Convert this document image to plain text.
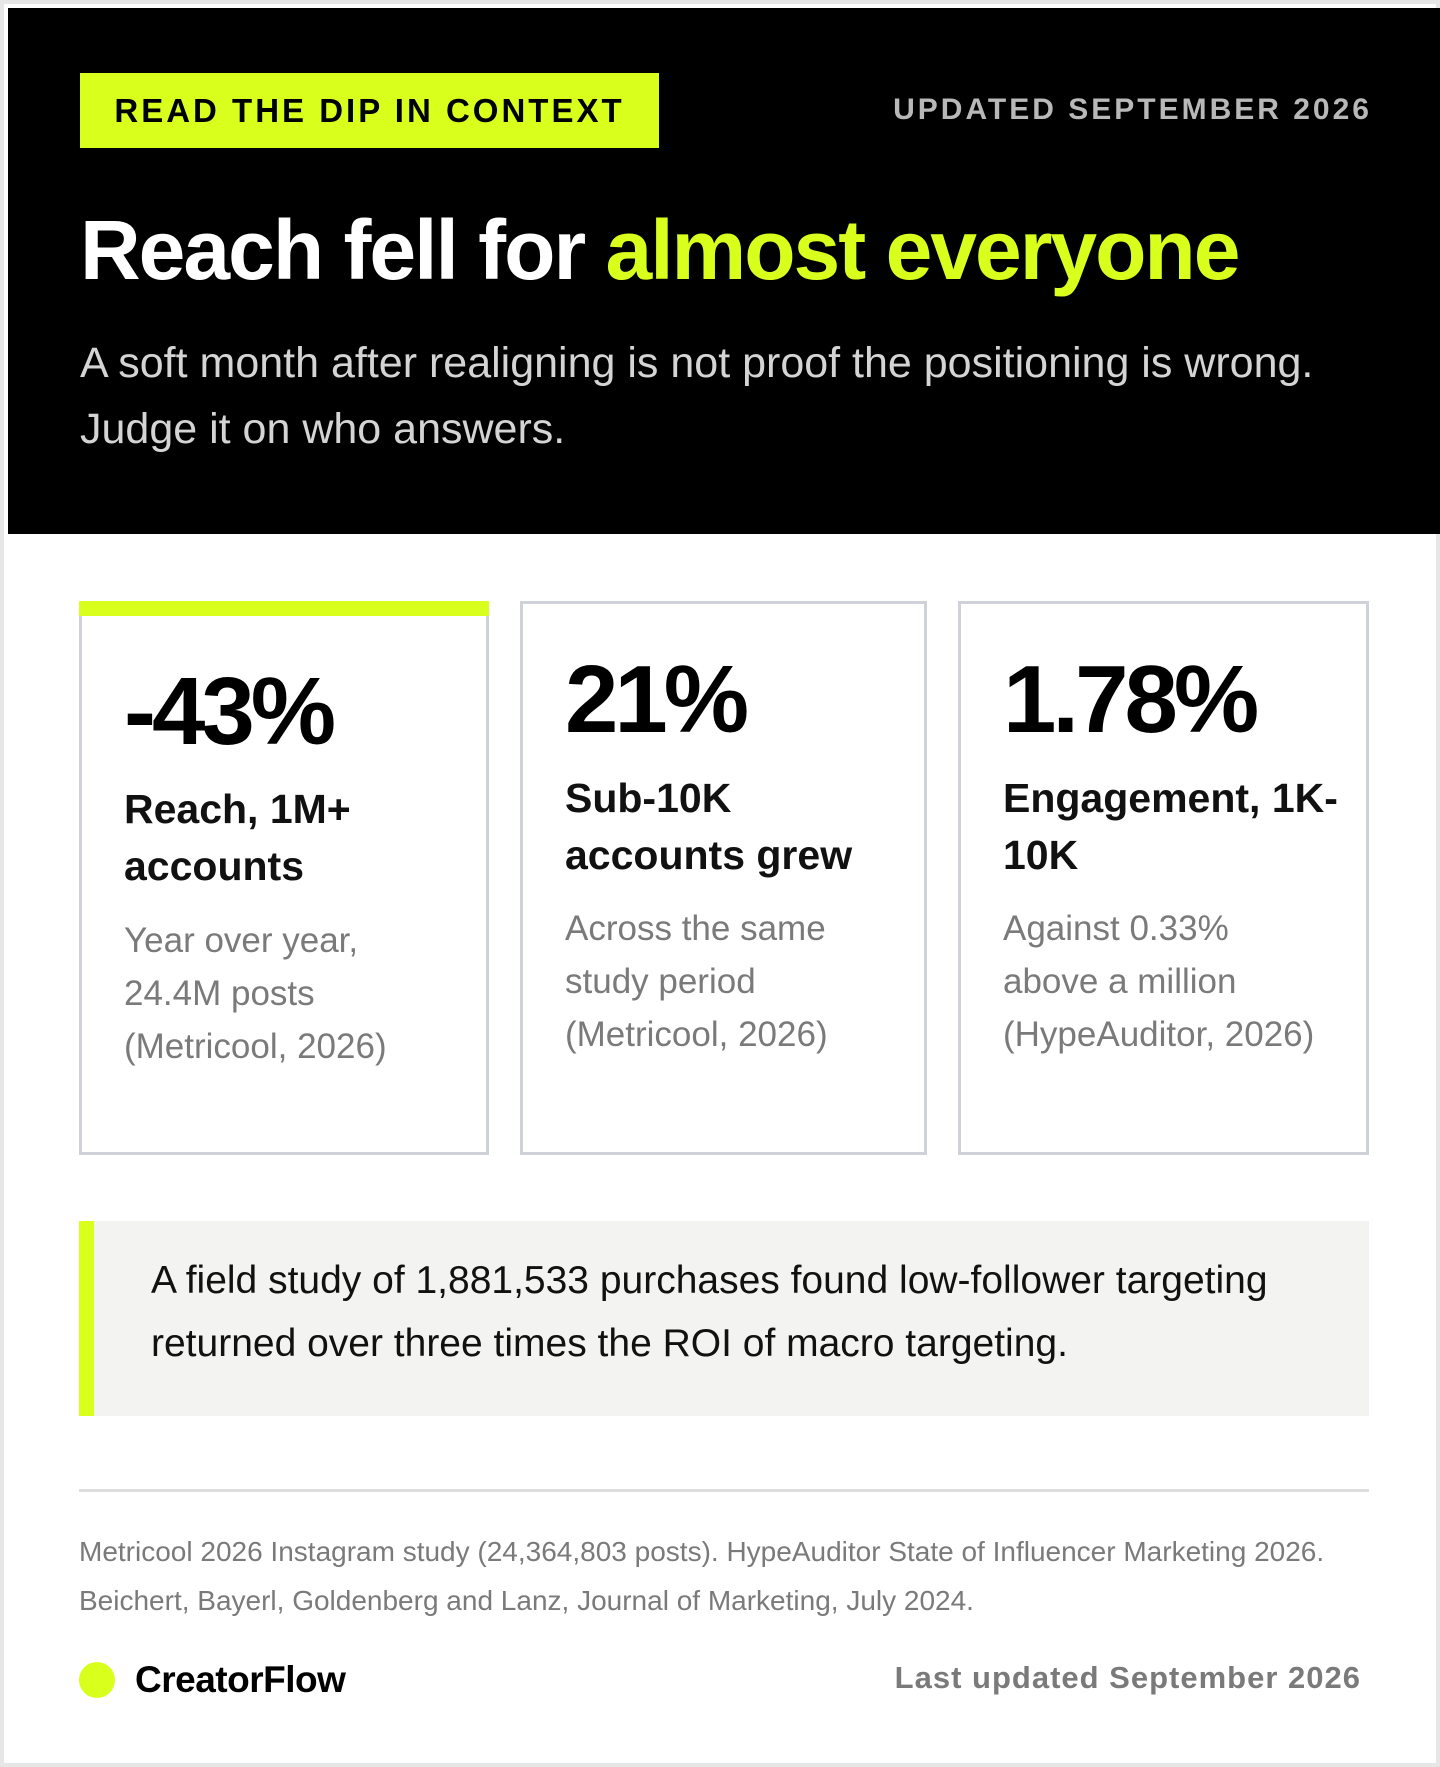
READ THE DIP IN CONTEXT	UPDATED SEPTEMBER 2026
Reach fell for almost everyone

A soft month after realigning is not proof the positioning is wrong. Judge it on who answers.

-43%
Reach, 1M+ accounts
Year over year, 24.4M posts (Metricool, 2026)
21%
Sub-10K accounts grew
Across the same study period (Metricool, 2026)
1.78%
Engagement, 1K-10K
Against 0.33% above a million (HypeAuditor, 2026)

A field study of 1,881,533 purchases found low-follower targeting returned over three times the ROI of macro targeting.

Metricool 2026 Instagram study (24,364,803 posts). HypeAuditor State of Influencer Marketing 2026. Beichert, Bayerl, Goldenberg and Lanz, Journal of Marketing, July 2024.

CreatorFlow	Last updated September 2026
